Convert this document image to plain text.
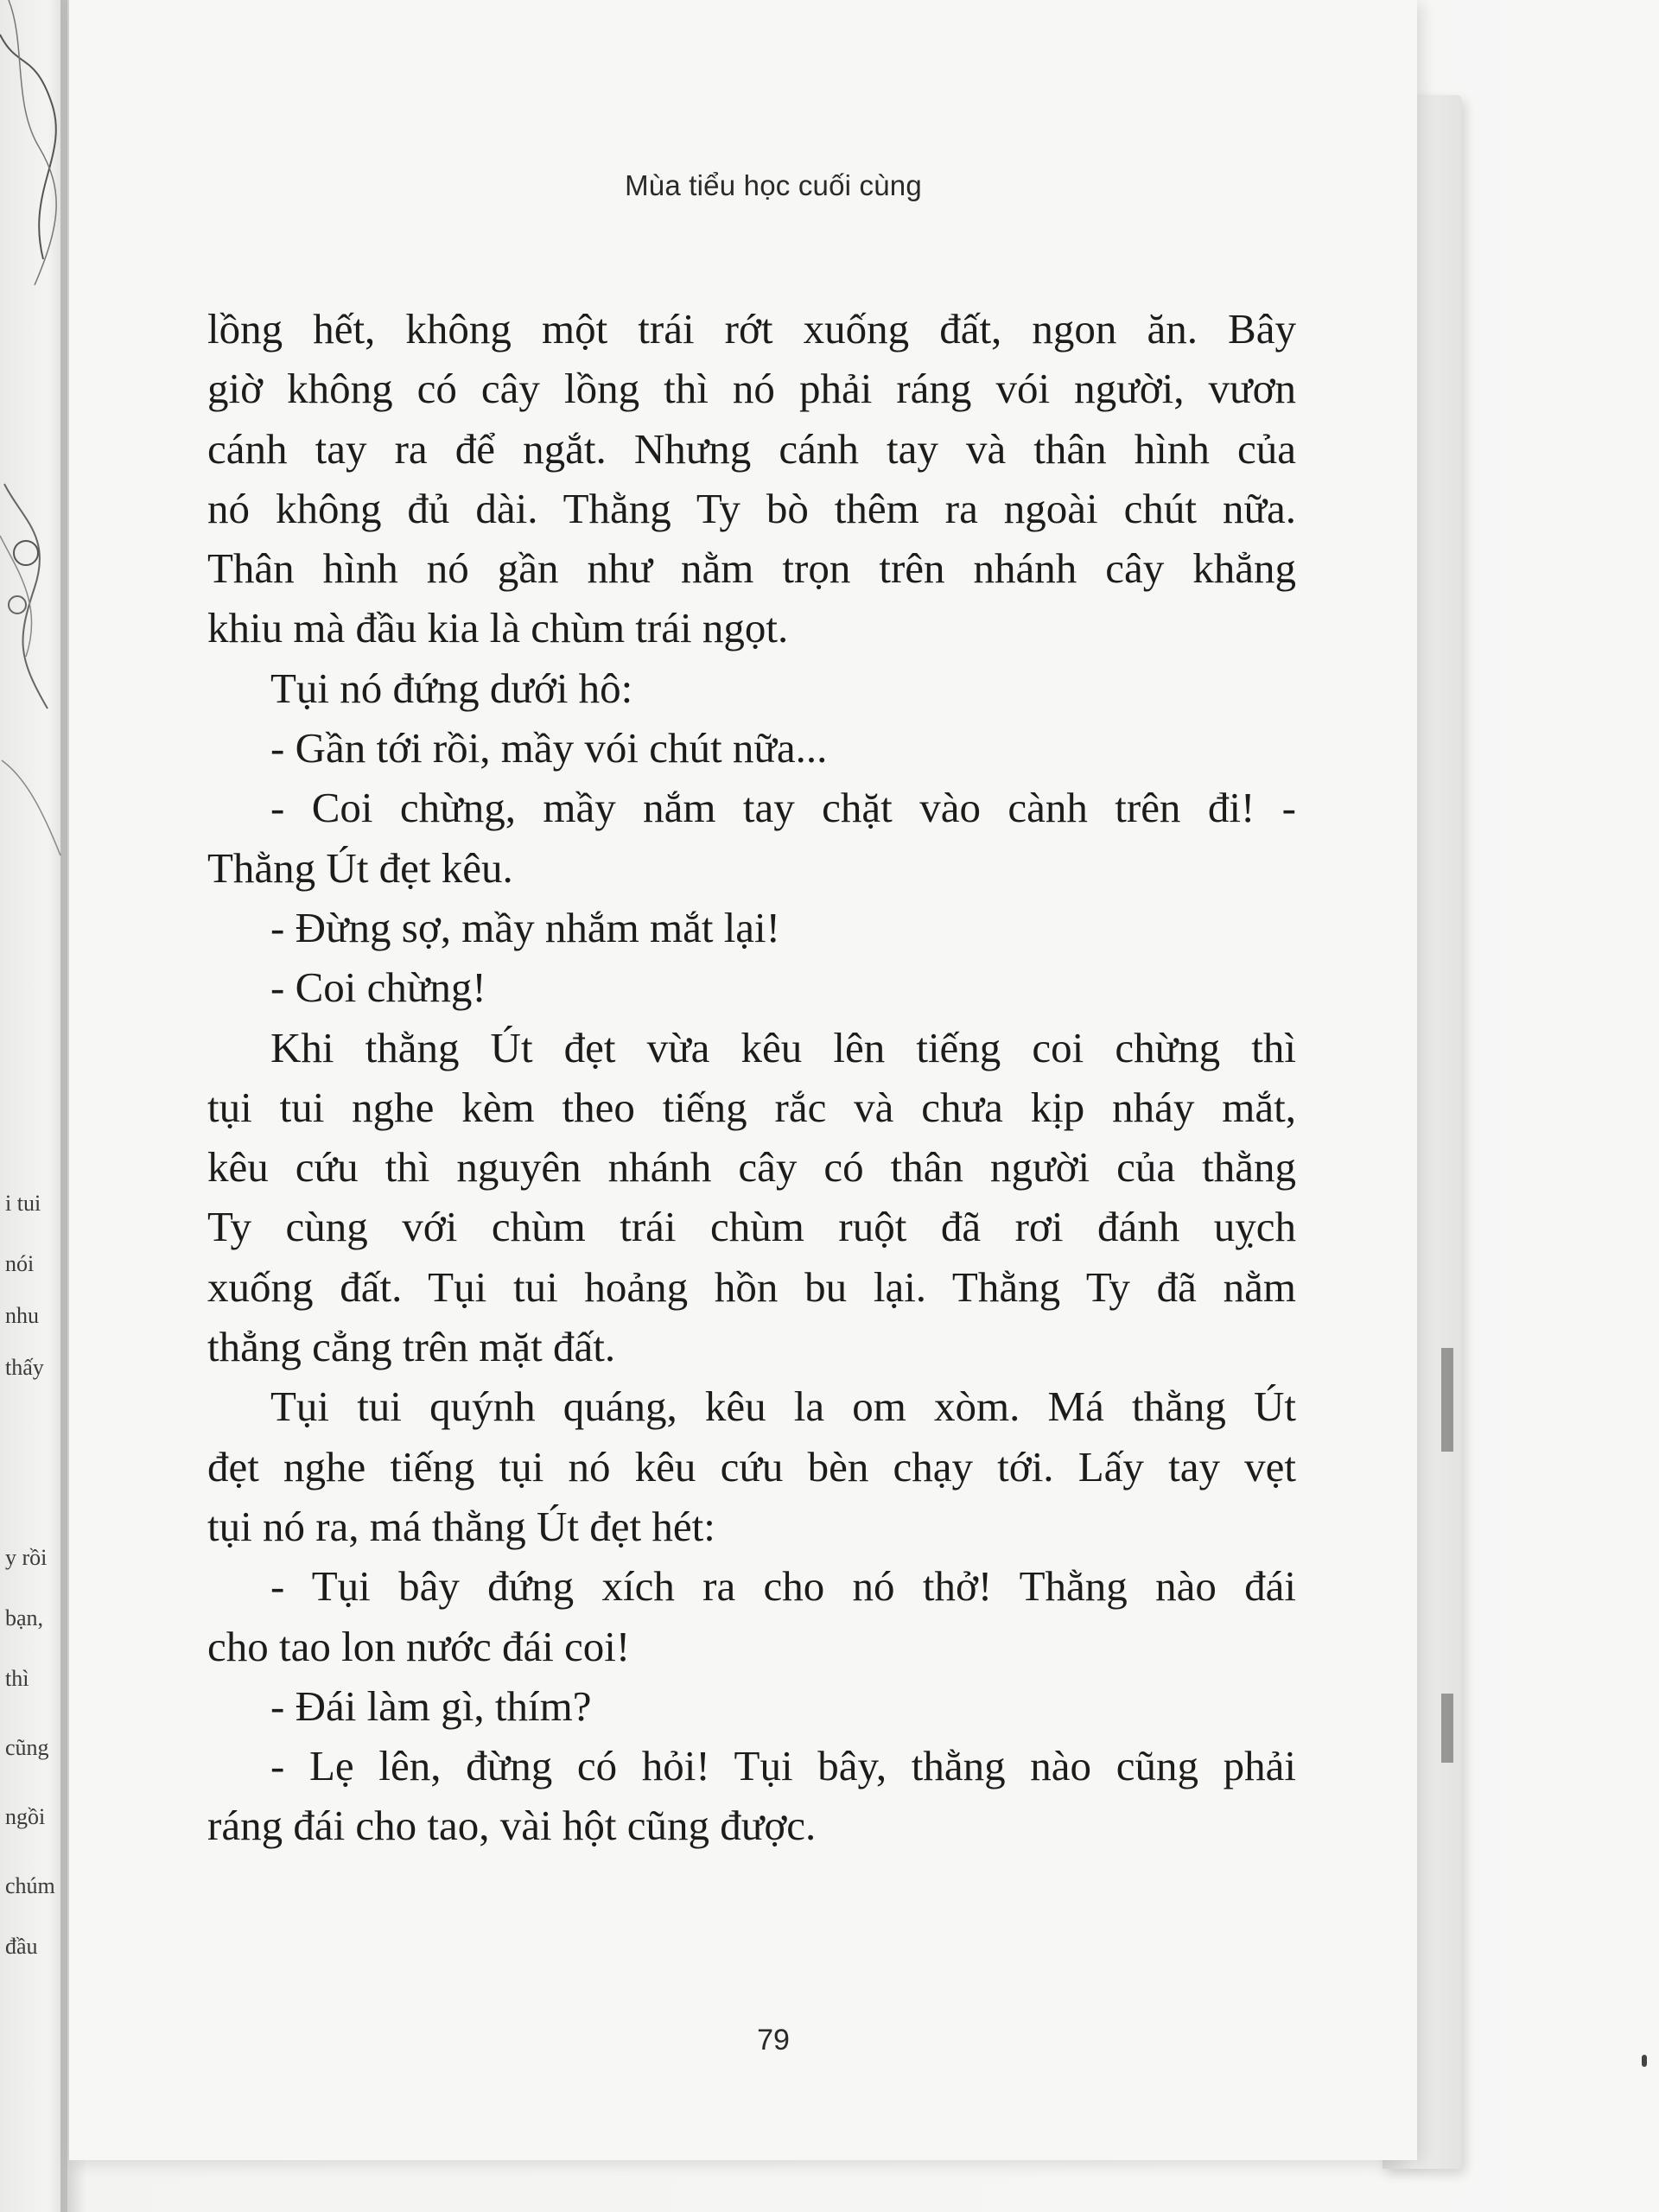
i tui
nói
nhu
thấy
y rồi
bạn,
thì
cũng
ngồi
chúm
đầu
Mùa tiểu học cuối cùng
lồng hết, không một trái rớt xuống đất, ngon ăn. Bây
giờ không có cây lồng thì nó phải ráng vói người, vươn
cánh tay ra để ngắt. Nhưng cánh tay và thân hình của
nó không đủ dài. Thằng Ty bò thêm ra ngoài chút nữa.
Thân hình nó gần như nằm trọn trên nhánh cây khẳng
khiu mà đầu kia là chùm trái ngọt.
Tụi nó đứng dưới hô:
- Gần tới rồi, mầy vói chút nữa...
- Coi chừng, mầy nắm tay chặt vào cành trên đi! -
Thằng Út đẹt kêu.
- Đừng sợ, mầy nhắm mắt lại!
- Coi chừng!
Khi thằng Út đẹt vừa kêu lên tiếng coi chừng thì
tụi tui nghe kèm theo tiếng rắc và chưa kịp nháy mắt,
kêu cứu thì nguyên nhánh cây có thân người của thằng
Ty cùng với chùm trái chùm ruột đã rơi đánh uỵch
xuống đất. Tụi tui hoảng hồn bu lại. Thằng Ty đã nằm
thẳng cẳng trên mặt đất.
Tụi tui quýnh quáng, kêu la om xòm. Má thằng Út
đẹt nghe tiếng tụi nó kêu cứu bèn chạy tới. Lấy tay vẹt
tụi nó ra, má thằng Út đẹt hét:
- Tụi bây đứng xích ra cho nó thở! Thằng nào đái
cho tao lon nước đái coi!
- Đái làm gì, thím?
- Lẹ lên, đừng có hỏi! Tụi bây, thằng nào cũng phải
ráng đái cho tao, vài hột cũng được.
79
